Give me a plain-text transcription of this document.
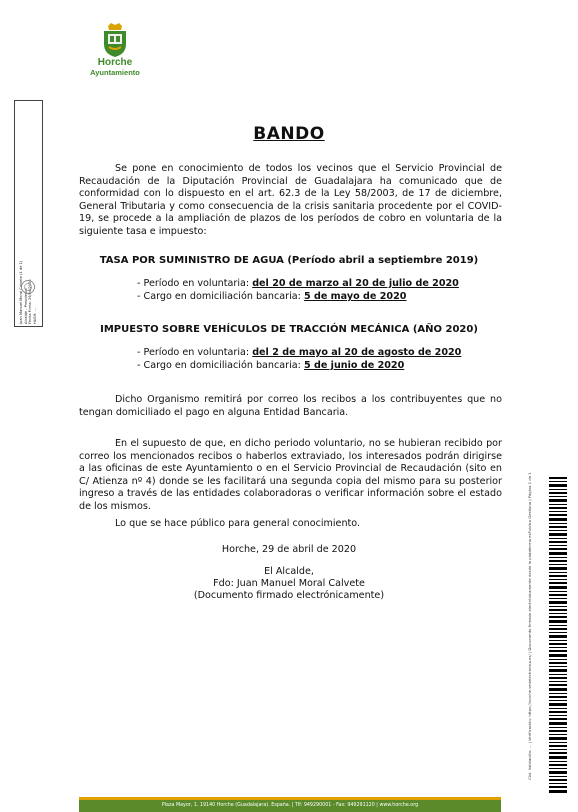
Horche
Ayuntamiento
Juan Manuel Moral Calvete (1 de 1) Alcalde - Presidente Fecha Firma: 29/04/2020 HASH: ...
BANDO
Se pone en conocimiento de todos los vecinos que el Servicio Provincial de Recaudación de la Diputación Provincial de Guadalajara ha comunicado que de conformidad con lo dispuesto en el art. 62.3 de la Ley 58/2003, de 17 de diciembre, General Tributaria y como consecuencia de la crisis sanitaria procedente por el COVID-19, se procede a la ampliación de plazos de los períodos de cobro en voluntaria de la siguiente tasa e impuesto:
TASA POR SUMINISTRO DE AGUA (Período abril a septiembre 2019)
- Período en voluntaria: del 20 de marzo al 20 de julio de 2020
- Cargo en domiciliación bancaria: 5 de mayo de 2020
IMPUESTO SOBRE VEHÍCULOS DE TRACCIÓN MECÁNICA (AÑO 2020)
- Período en voluntaria: del 2 de mayo al 20 de agosto de 2020
- Cargo en domiciliación bancaria: 5 de junio de 2020
Dicho Organismo remitirá por correo los recibos a los contribuyentes que no tengan domiciliado el pago en alguna Entidad Bancaria.
En el supuesto de que, en dicho periodo voluntario, no se hubieran recibido por correo los mencionados recibos o haberlos extraviado, los interesados podrán dirigirse a las oficinas de este Ayuntamiento o en el Servicio Provincial de Recaudación (sito en C/ Atienza nº 4) donde se les facilitará una segunda copia del mismo para su posterior ingreso a través de las entidades colaboradoras o verificar información sobre el estado de los mismos.
Lo que se hace público para general conocimiento.
Horche, 29 de abril de 2020
El Alcalde,
Fdo: Juan Manuel Moral Calvete
(Documento firmado electrónicamente)	Cód. Validación: ... | Verificación: https://horche.sedelectronica.es/ | Documento firmado electrónicamente desde la plataforma esPublico Gestiona | Página 1 de 1
Plaza Mayor, 1. 19140 Horche (Guadalajara). España. | Tlf: 949290001 - Fax: 949291120 | www.horche.org
